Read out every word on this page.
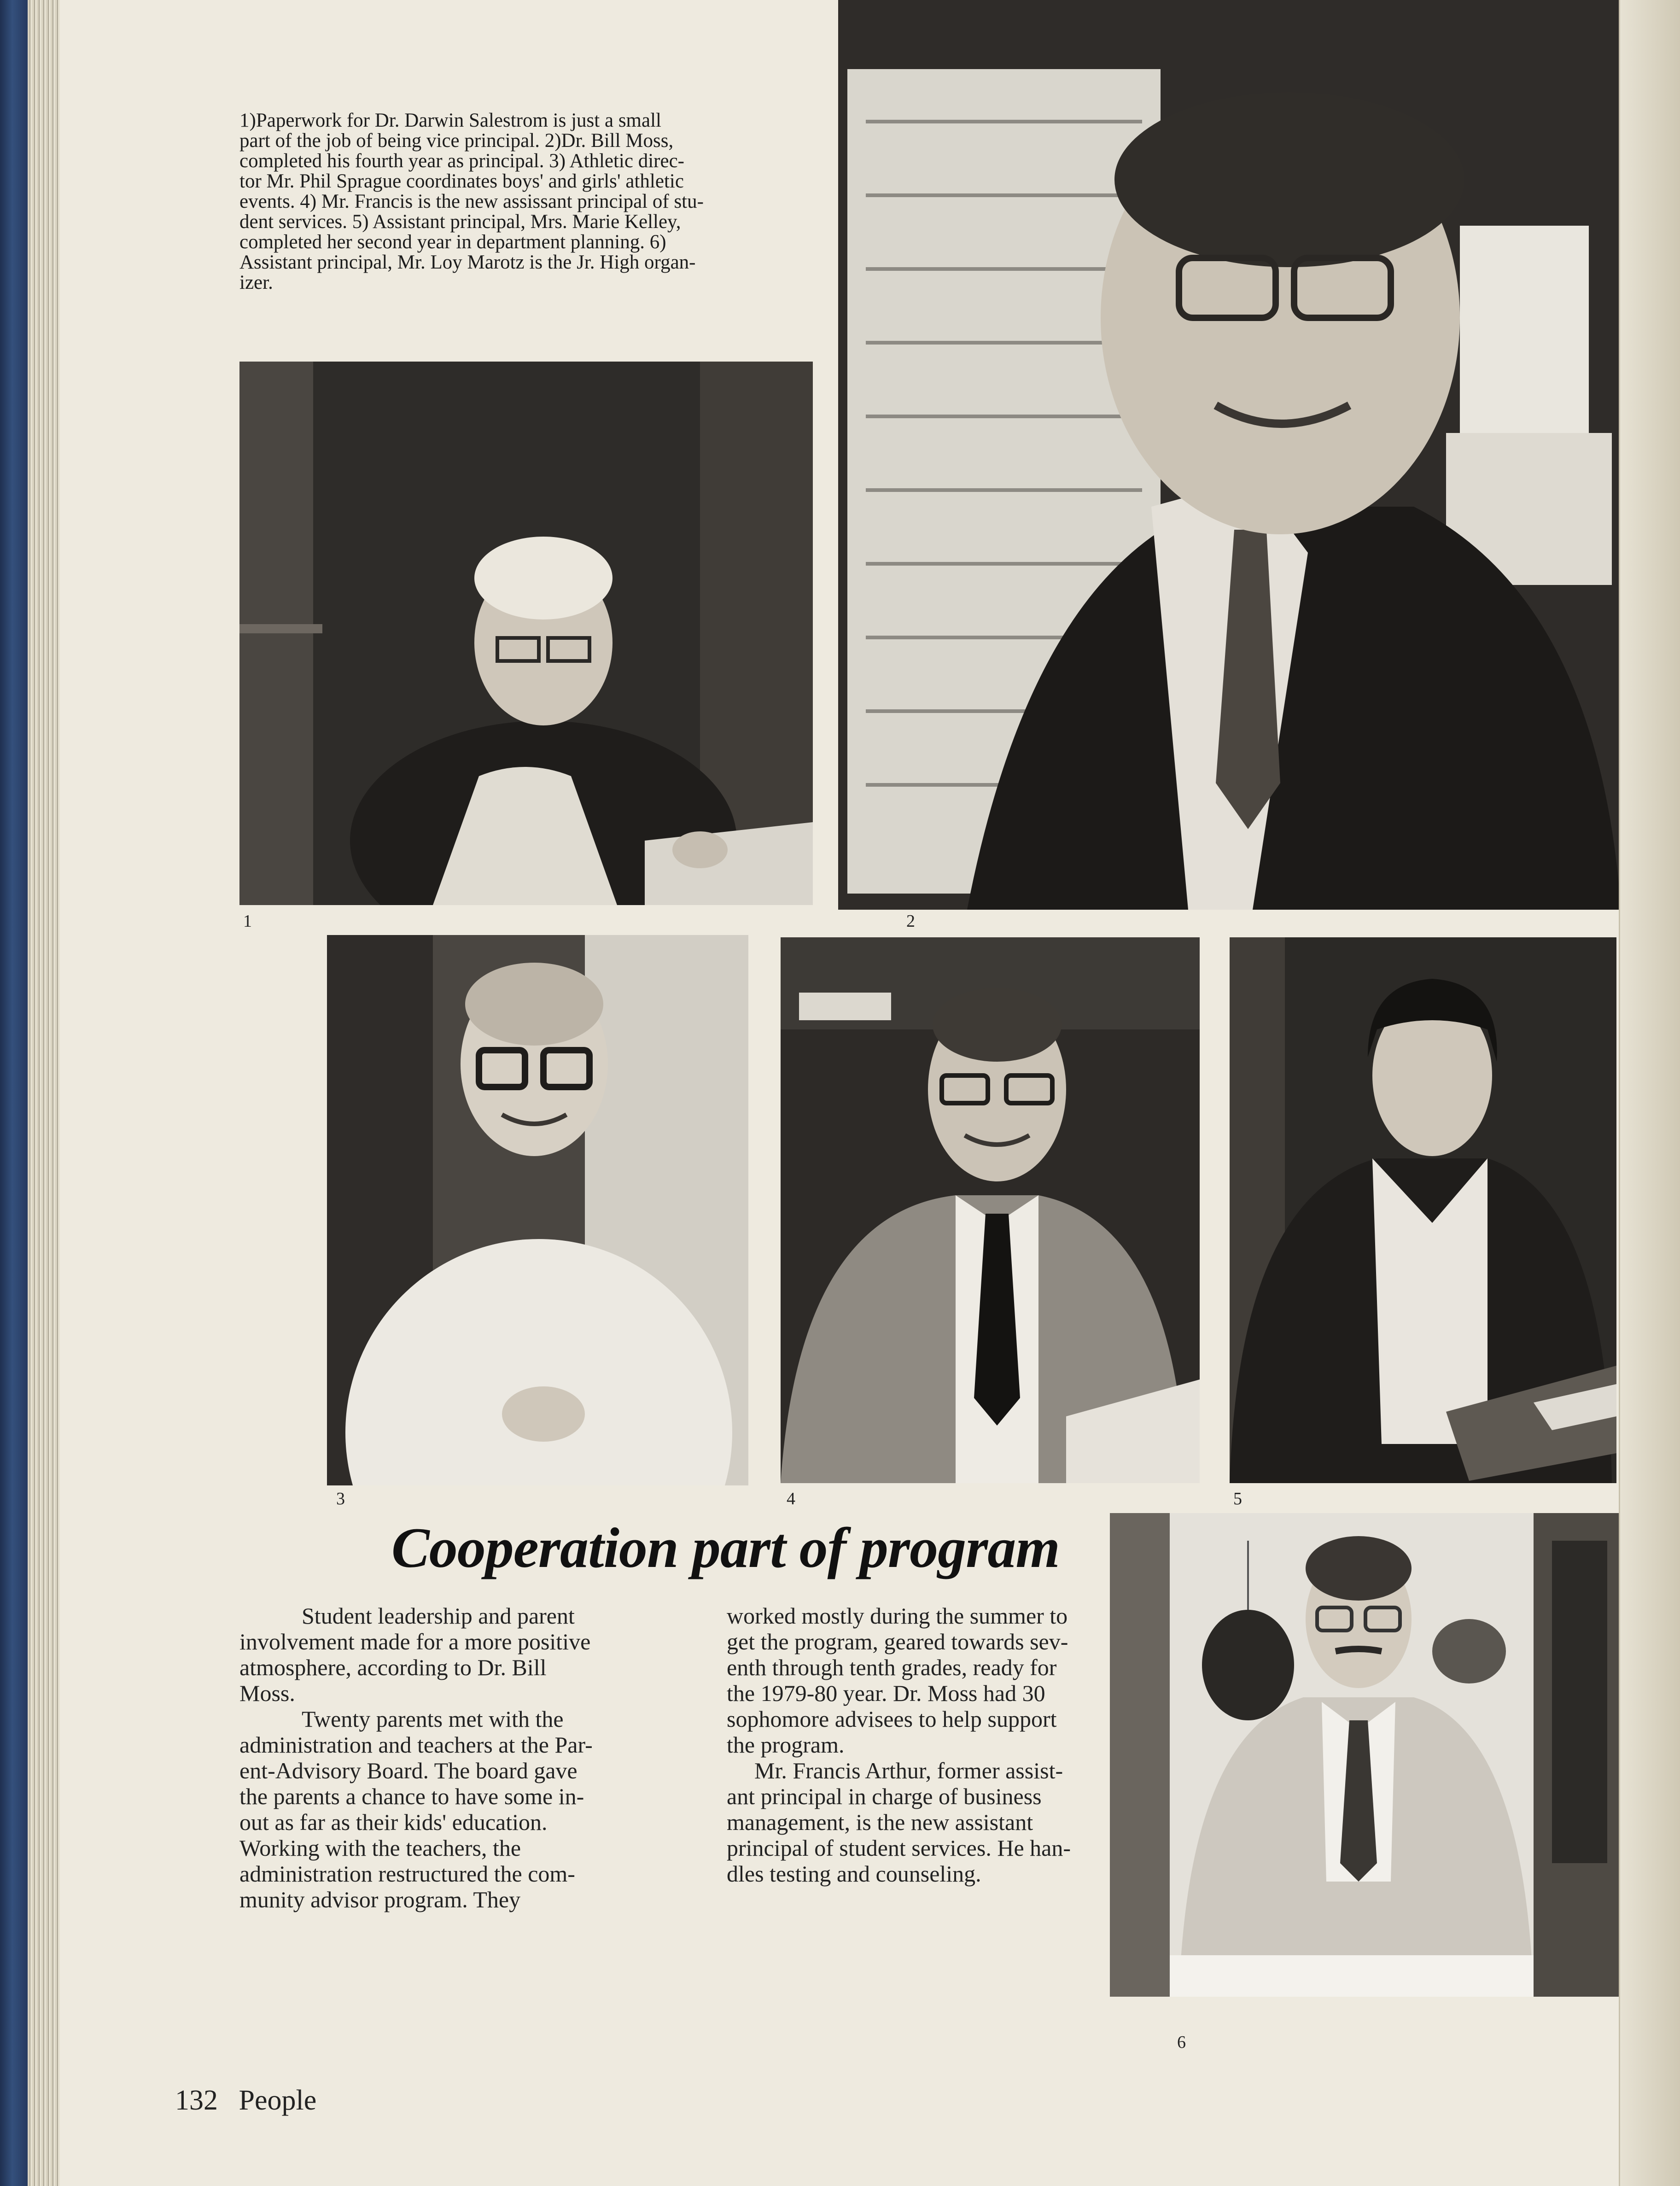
1)Paperwork for Dr. Darwin Salestrom is just a small
part of the job of being vice principal. 2)Dr. Bill Moss,
completed his fourth year as principal. 3) Athletic direc-
tor Mr. Phil Sprague coordinates boys' and girls' athletic
events. 4) Mr. Francis is the new assissant principal of stu-
dent services. 5) Assistant principal, Mrs. Marie Kelley,
completed her second year in department planning. 6)
Assistant principal, Mr. Loy Marotz is the Jr. High organ-
izer.
1	2
3	4	5
6
Cooperation part of program
Student leadership and parent
involvement made for a more positive
atmosphere, according to Dr. Bill
Moss.
Twenty parents met with the
administration and teachers at the Par-
ent-Advisory Board. The board gave
the parents a chance to have some in-
out as far as their kids' education.
Working with the teachers, the
administration restructured the com-
munity advisor program. They
worked mostly during the summer to
get the program, geared towards sev-
enth through tenth grades, ready for
the 1979-80 year. Dr. Moss had 30
sophomore advisees to help support
the program.
Mr. Francis Arthur, former assist-
ant principal in charge of business
management, is the new assistant
principal of student services. He han-
dles testing and counseling.
132 People
